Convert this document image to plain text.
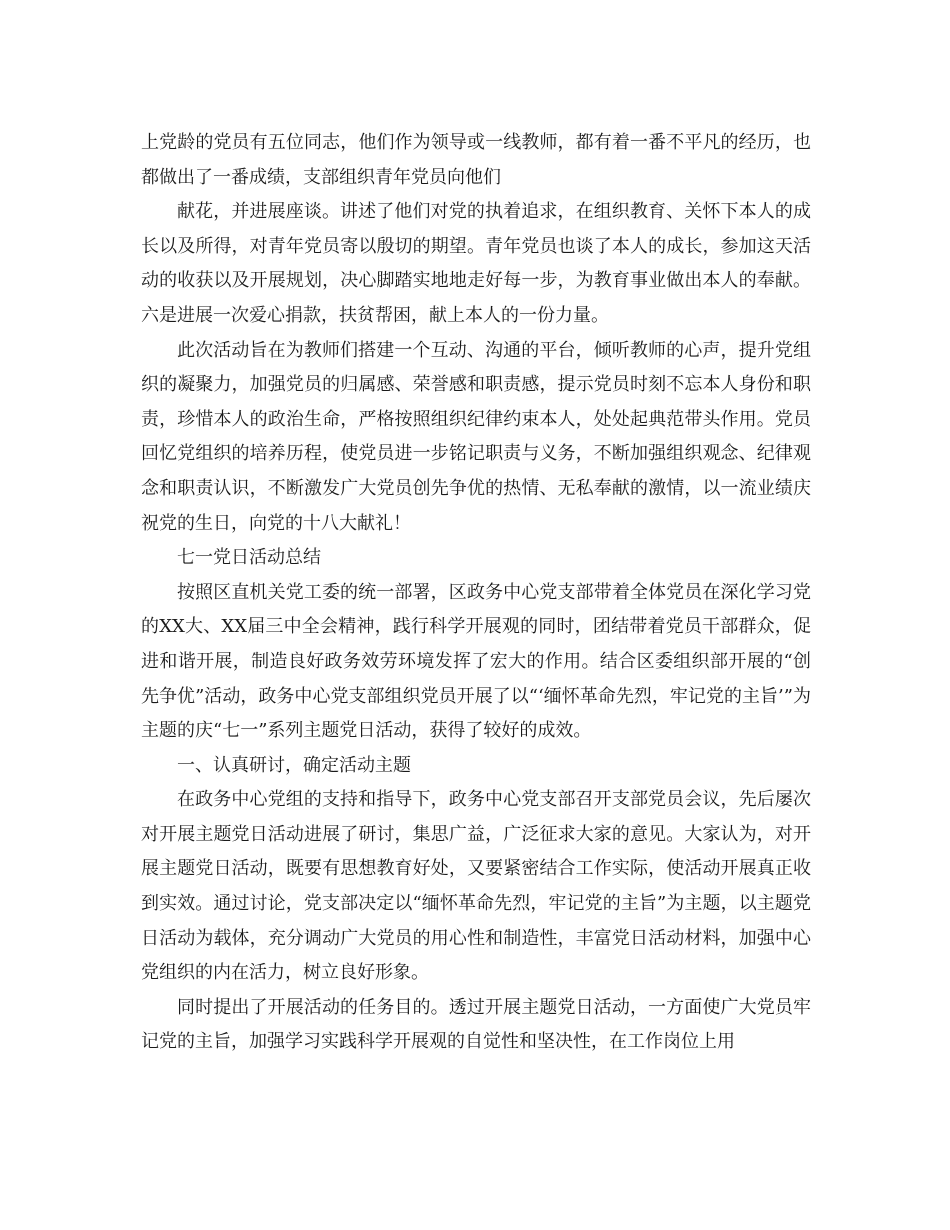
上党龄的党员有五位同志，他们作为领导或一线教师，都有着一番不平凡的经历，也都做出了一番成绩，支部组织青年党员向他们

献花，并进展座谈。讲述了他们对党的执着追求，在组织教育、关怀下本人的成长以及所得，对青年党员寄以殷切的期望。青年党员也谈了本人的成长，参加这天活动的收获以及开展规划，决心脚踏实地地走好每一步，为教育事业做出本人的奉献。六是进展一次爱心捐款，扶贫帮困，献上本人的一份力量。

此次活动旨在为教师们搭建一个互动、沟通的平台，倾听教师的心声，提升党组织的凝聚力，加强党员的归属感、荣誉感和职责感，提示党员时刻不忘本人身份和职责，珍惜本人的政治生命，严格按照组织纪律约束本人，处处起典范带头作用。党员回忆党组织的培养历程，使党员进一步铭记职责与义务，不断加强组织观念、纪律观念和职责认识，不断激发广大党员创先争优的热情、无私奉献的激情，以一流业绩庆祝党的生日，向党的十八大献礼！

七一党日活动总结

按照区直机关党工委的统一部署，区政务中心党支部带着全体党员在深化学习党的XX大、XX届三中全会精神，践行科学开展观的同时，团结带着党员干部群众，促进和谐开展，制造良好政务效劳环境发挥了宏大的作用。结合区委组织部开展的“创先争优”活动，政务中心党支部组织党员开展了以“‘缅怀革命先烈，牢记党的主旨’”为主题的庆“七一”系列主题党日活动，获得了较好的成效。

一、认真研讨，确定活动主题

在政务中心党组的支持和指导下，政务中心党支部召开支部党员会议，先后屡次对开展主题党日活动进展了研讨，集思广益，广泛征求大家的意见。大家认为，对开展主题党日活动，既要有思想教育好处，又要紧密结合工作实际，使活动开展真正收到实效。通过讨论，党支部决定以“缅怀革命先烈，牢记党的主旨”为主题，以主题党日活动为载体，充分调动广大党员的用心性和制造性，丰富党日活动材料，加强中心党组织的内在活力，树立良好形象。

同时提出了开展活动的任务目的。透过开展主题党日活动，一方面使广大党员牢记党的主旨，加强学习实践科学开展观的自觉性和坚决性，在工作岗位上用
